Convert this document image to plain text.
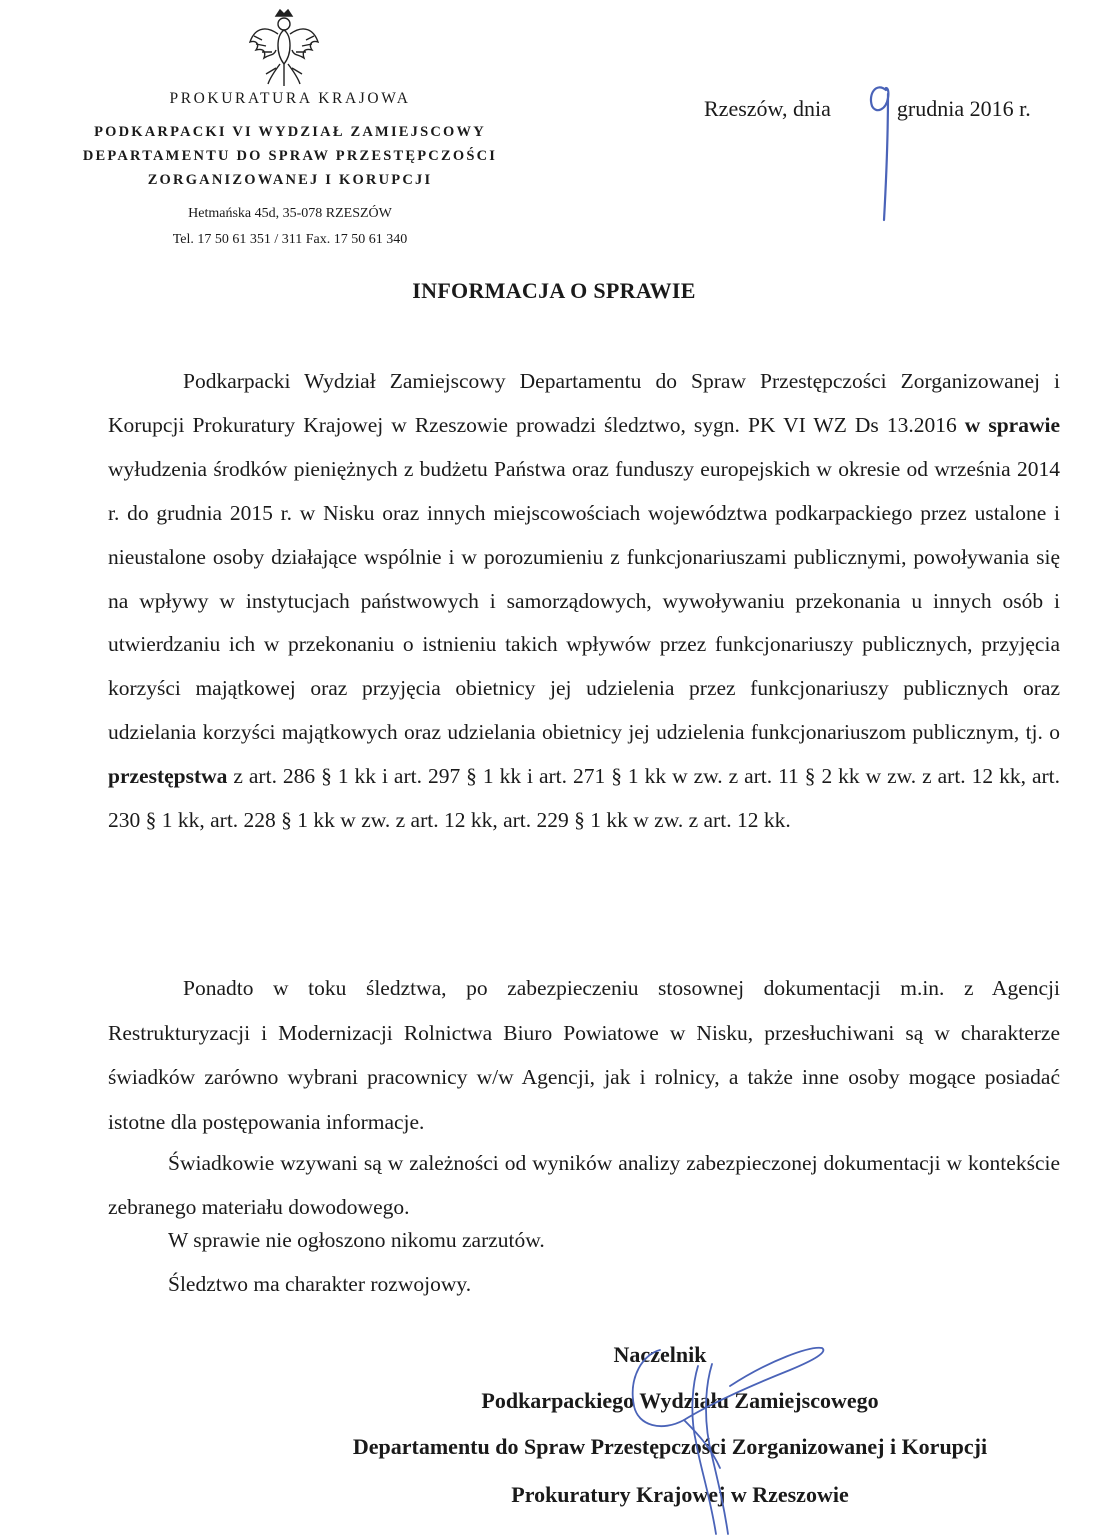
PROKURATURA KRAJOWA
PODKARPACKI VI WYDZIAŁ ZAMIEJSCOWY
DEPARTAMENTU DO SPRAW PRZESTĘPCZOŚCI
ZORGANIZOWANEJ I KORUPCJI
Hetmańska 45d, 35-078 RZESZÓW
Tel. 17 50 61 351 / 311 Fax. 17 50 61 340
Rzeszów, dnia	grudnia 2016 r.
INFORMACJA O SPRAWIE
Podkarpacki Wydział Zamiejscowy Departamentu do Spraw Przestępczości Zorganizowanej i Korupcji Prokuratury Krajowej w Rzeszowie prowadzi śledztwo, sygn. PK VI WZ Ds 13.2016 w sprawie wyłudzenia środków pieniężnych z budżetu Państwa oraz funduszy europejskich w okresie od września 2014 r. do grudnia 2015 r. w Nisku oraz innych miejscowościach województwa podkarpackiego przez ustalone i nieustalone osoby działające wspólnie i w porozumieniu z funkcjonariuszami publicznymi, powoływania się na wpływy w instytucjach państwowych i samorządowych, wywoływaniu przekonania u innych osób i utwierdzaniu ich w przekonaniu o istnieniu takich wpływów przez funkcjonariuszy publicznych, przyjęcia korzyści majątkowej oraz przyjęcia obietnicy jej udzielenia przez funkcjonariuszy publicznych oraz udzielania korzyści majątkowych oraz udzielania obietnicy jej udzielenia funkcjonariuszom publicznym, tj. o przestępstwa z art. 286 § 1 kk i art. 297 § 1 kk i art. 271 § 1 kk w zw. z art. 11 § 2 kk w zw. z art. 12 kk, art. 230 § 1 kk, art. 228 § 1 kk w zw. z art. 12 kk, art. 229 § 1 kk w zw. z art. 12 kk.
Ponadto w toku śledztwa, po zabezpieczeniu stosownej dokumentacji m.in. z Agencji Restrukturyzacji i Modernizacji Rolnictwa Biuro Powiatowe w Nisku, przesłuchiwani są w charakterze świadków zarówno wybrani pracownicy w/w Agencji, jak i rolnicy, a także inne osoby mogące posiadać istotne dla postępowania informacje.
Świadkowie wzywani są w zależności od wyników analizy zabezpieczonej dokumentacji w kontekście zebranego materiału dowodowego.
W sprawie nie ogłoszono nikomu zarzutów.
Śledztwo ma charakter rozwojowy.
Naczelnik
Podkarpackiego Wydziału Zamiejscowego
Departamentu do Spraw Przestępczości Zorganizowanej i Korupcji
Prokuratury Krajowej w Rzeszowie
